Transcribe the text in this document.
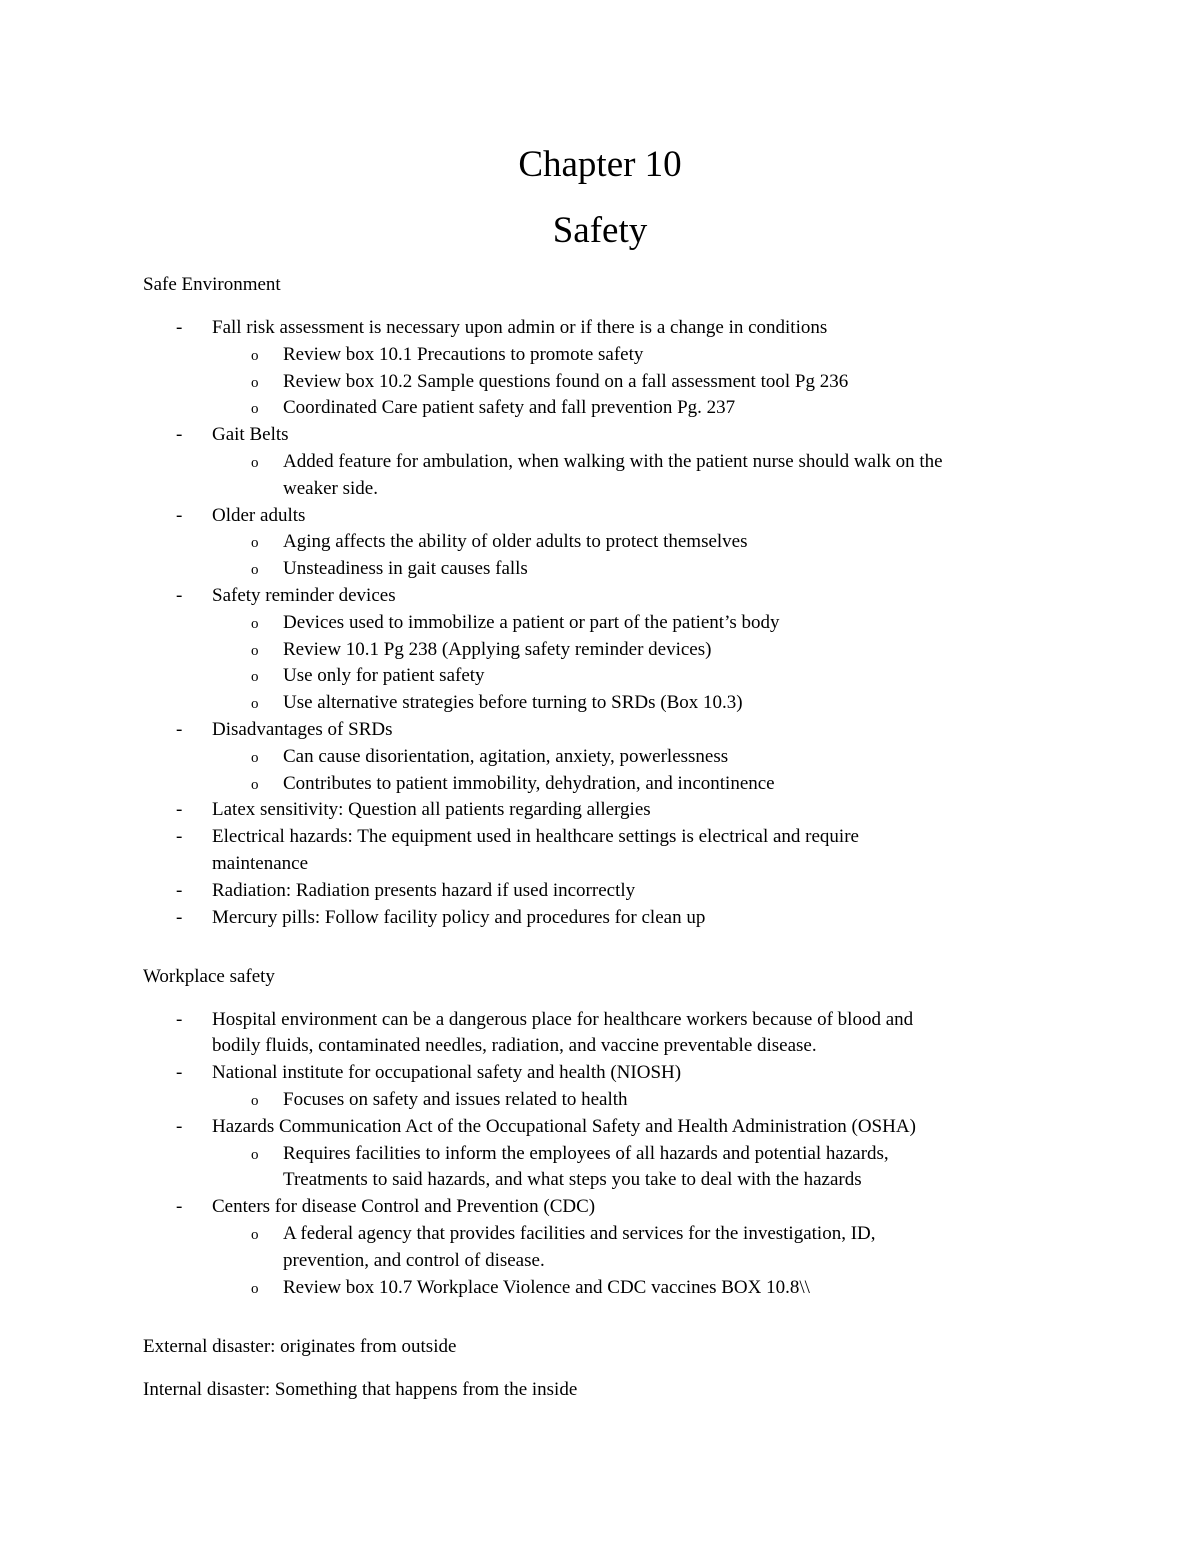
Chapter 10
Safety
Safe Environment
- Fall risk assessment is necessary upon admin or if there is a change in conditions
o Review box 10.1 Precautions to promote safety
o Review box 10.2 Sample questions found on a fall assessment tool Pg 236
o Coordinated Care patient safety and fall prevention Pg. 237
- Gait Belts
o Added feature for ambulation, when walking with the patient nurse should walk on the
weaker side.
- Older adults
o Aging affects the ability of older adults to protect themselves
o Unsteadiness in gait causes falls
- Safety reminder devices
o Devices used to immobilize a patient or part of the patient’s body
o Review 10.1 Pg 238 (Applying safety reminder devices)
o Use only for patient safety
o Use alternative strategies before turning to SRDs (Box 10.3)
- Disadvantages of SRDs
o Can cause disorientation, agitation, anxiety, powerlessness
o Contributes to patient immobility, dehydration, and incontinence
- Latex sensitivity: Question all patients regarding allergies
- Electrical hazards: The equipment used in healthcare settings is electrical and require
maintenance
- Radiation: Radiation presents hazard if used incorrectly
- Mercury pills: Follow facility policy and procedures for clean up
Workplace safety
- Hospital environment can be a dangerous place for healthcare workers because of blood and
bodily fluids, contaminated needles, radiation, and vaccine preventable disease.
- National institute for occupational safety and health (NIOSH)
o Focuses on safety and issues related to health
- Hazards Communication Act of the Occupational Safety and Health Administration (OSHA)
o Requires facilities to inform the employees of all hazards and potential hazards,
Treatments to said hazards, and what steps you take to deal with the hazards
- Centers for disease Control and Prevention (CDC)
o A federal agency that provides facilities and services for the investigation, ID,
prevention, and control of disease.
o Review box 10.7 Workplace Violence and CDC vaccines BOX 10.8\\
External disaster: originates from outside
Internal disaster: Something that happens from the inside
